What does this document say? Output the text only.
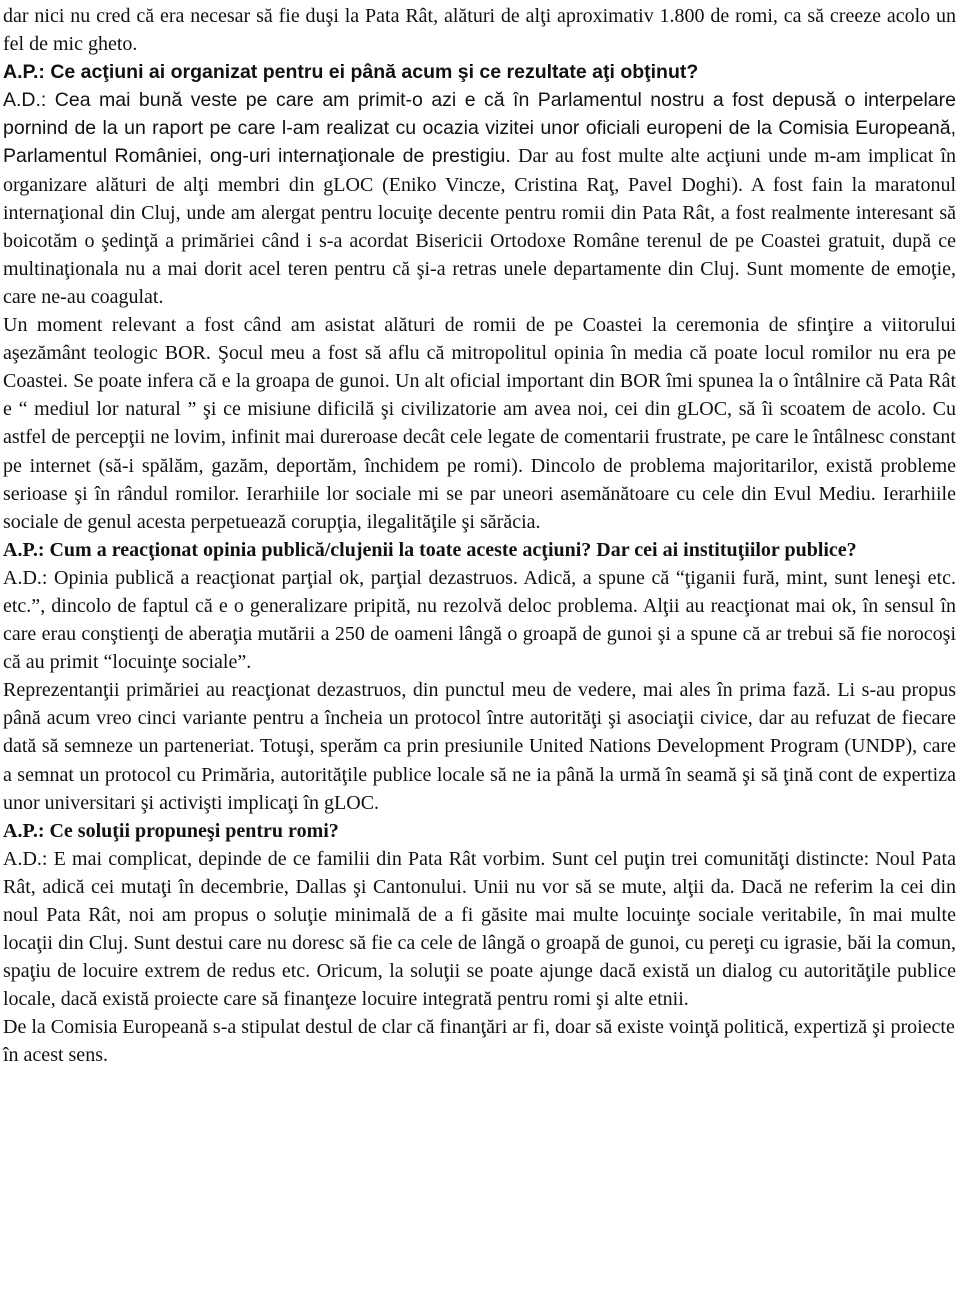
dar nici nu cred că era necesar să fie duşi la Pata Rât, alături de alţi aproximativ 1.800 de romi, ca să creeze acolo un fel de mic gheto.

A.P.: Ce acţiuni ai organizat pentru ei până acum şi ce rezultate aţi obţinut?

A.D.: Cea mai bună veste pe care am primit-o azi e că în Parlamentul nostru a fost depusă o interpelare pornind de la un raport pe care l-am realizat cu ocazia vizitei unor oficiali europeni de la Comisia Europeană, Parlamentul României, ong-uri internaţionale de prestigiu. Dar au fost multe alte acţiuni unde m-am implicat în organizare alături de alţi membri din gLOC (Eniko Vincze, Cristina Raţ, Pavel Doghi). A fost fain la maratonul internaţional din Cluj, unde am alergat pentru locuiţe decente pentru romii din Pata Rât, a fost realmente interesant să boicotăm o şedinţă a primăriei când i s-a acordat Bisericii Ortodoxe Române terenul de pe Coastei gratuit, după ce multinaţionala nu a mai dorit acel teren pentru că şi-a retras unele departamente din Cluj. Sunt momente de emoţie, care ne-au coagulat.

Un moment relevant a fost când am asistat alături de romii de pe Coastei la ceremonia de sfinţire a viitorului aşezământ teologic BOR. Şocul meu a fost să aflu că mitropolitul opinia în media că poate locul romilor nu era pe Coastei. Se poate infera că e la groapa de gunoi. Un alt oficial important din BOR îmi spunea la o întâlnire că Pata Rât e “ mediul lor natural ” şi ce misiune dificilă şi civilizatorie am avea noi, cei din gLOC, să îi scoatem de acolo. Cu astfel de percepţii ne lovim, infinit mai dureroase decât cele legate de comentarii frustrate, pe care le întâlnesc constant pe internet (să-i spălăm, gazăm, deportăm, închidem pe romi). Dincolo de problema majoritarilor, există probleme serioase şi în rândul romilor. Ierarhiile lor sociale mi se par uneori asemănătoare cu cele din Evul Mediu. Ierarhiile sociale de genul acesta perpetuează corupţia, ilegalităţile şi sărăcia.

A.P.: Cum a reacţionat opinia publică/clujenii la toate aceste acţiuni? Dar cei ai instituţiilor publice?

A.D.: Opinia publică a reacţionat parţial ok, parţial dezastruos. Adică, a spune că “ţiganii fură, mint, sunt leneşi etc. etc.”, dincolo de faptul că e o generalizare pripită, nu rezolvă deloc problema. Alţii au reacţionat mai ok, în sensul în care erau conştienţi de aberaţia mutării a 250 de oameni lângă o groapă de gunoi şi a spune că ar trebui să fie norocoşi că au primit “locuinţe sociale”.

Reprezentanţii primăriei au reacţionat dezastruos, din punctul meu de vedere, mai ales în prima fază. Li s-au propus până acum vreo cinci variante pentru a încheia un protocol între autorităţi şi asociaţii civice, dar au refuzat de fiecare dată să semneze un parteneriat. Totuşi, sperăm ca prin presiunile United Nations Development Program (UNDP), care a semnat un protocol cu Primăria, autorităţile publice locale să ne ia până la urmă în seamă şi să ţină cont de expertiza unor universitari şi activişti implicaţi în gLOC.

A.P.: Ce soluţii propuneşi pentru romi?

A.D.: E mai complicat, depinde de ce familii din Pata Rât vorbim. Sunt cel puţin trei comunităţi distincte: Noul Pata Rât, adică cei mutaţi în decembrie, Dallas şi Cantonului. Unii nu vor să se mute, alţii da. Dacă ne referim la cei din noul Pata Rât, noi am propus o soluţie minimală de a fi găsite mai multe locuinţe sociale veritabile, în mai multe locaţii din Cluj. Sunt destui care nu doresc să fie ca cele de lângă o groapă de gunoi, cu pereţi cu igrasie, băi la comun, spaţiu de locuire extrem de redus etc. Oricum, la soluţii se poate ajunge dacă există un dialog cu autorităţile publice locale, dacă există proiecte care să finanţeze locuire integrată pentru romi şi alte etnii.

De la Comisia Europeană s-a stipulat destul de clar că finanţări ar fi, doar să existe voinţă politică, expertiză şi proiecte în acest sens.
